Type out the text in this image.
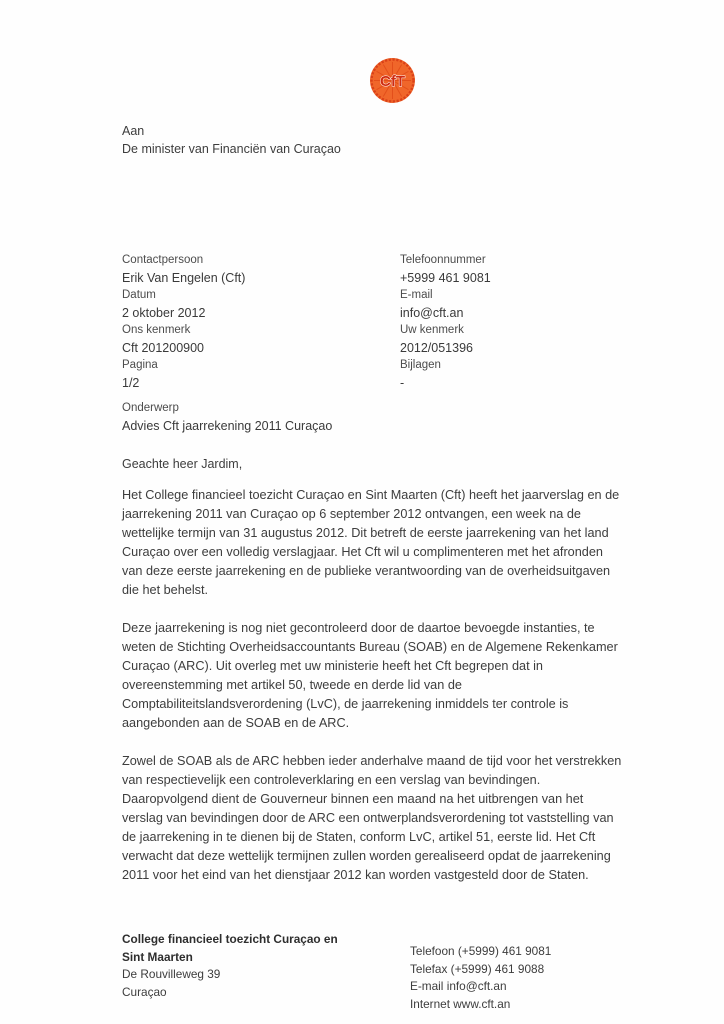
CfT
Aan
De minister van Financiën van Curaçao
Contactpersoon
Erik Van Engelen (Cft)
Datum
2 oktober 2012
Ons kenmerk
Cft 201200900
Pagina
1/2
Telefoonnummer
+5999 461 9081
E-mail
info@cft.an
Uw kenmerk
2012/051396
Bijlagen
-
Onderwerp
Advies Cft jaarrekening 2011 Curaçao
Geachte heer Jardim,

Het College financieel toezicht Curaçao en Sint Maarten (Cft) heeft het jaarverslag en de jaarrekening 2011 van Curaçao op 6 september 2012 ontvangen, een week na de wettelijke termijn van 31 augustus 2012. Dit betreft de eerste jaarrekening van het land Curaçao over een volledig verslagjaar. Het Cft wil u complimenteren met het afronden van deze eerste jaarrekening en de publieke verantwoording van de overheidsuitgaven die het behelst.

Deze jaarrekening is nog niet gecontroleerd door de daartoe bevoegde instanties, te weten de Stichting Overheidsaccountants Bureau (SOAB) en de Algemene Rekenkamer Curaçao (ARC). Uit overleg met uw ministerie heeft het Cft begrepen dat in overeenstemming met artikel 50, tweede en derde lid van de Comptabiliteitslandsverordening (LvC), de jaarrekening inmiddels ter controle is aangebonden aan de SOAB en de ARC.

Zowel de SOAB als de ARC hebben ieder anderhalve maand de tijd voor het verstrekken van respectievelijk een controleverklaring en een verslag van bevindingen. Daaropvolgend dient de Gouverneur binnen een maand na het uitbrengen van het verslag van bevindingen door de ARC een ontwerplandsverordening tot vaststelling van de jaarrekening in te dienen bij de Staten, conform LvC, artikel 51, eerste lid. Het Cft verwacht dat deze wettelijk termijnen zullen worden gerealiseerd opdat de jaarrekening 2011 voor het eind van het dienstjaar 2012 kan worden vastgesteld door de Staten.

College financieel toezicht Curaçao en
Sint Maarten
De Rouvilleweg 39
Curaçao
Telefoon (+5999) 461 9081
Telefax (+5999) 461 9088
E-mail info@cft.an
Internet www.cft.an
